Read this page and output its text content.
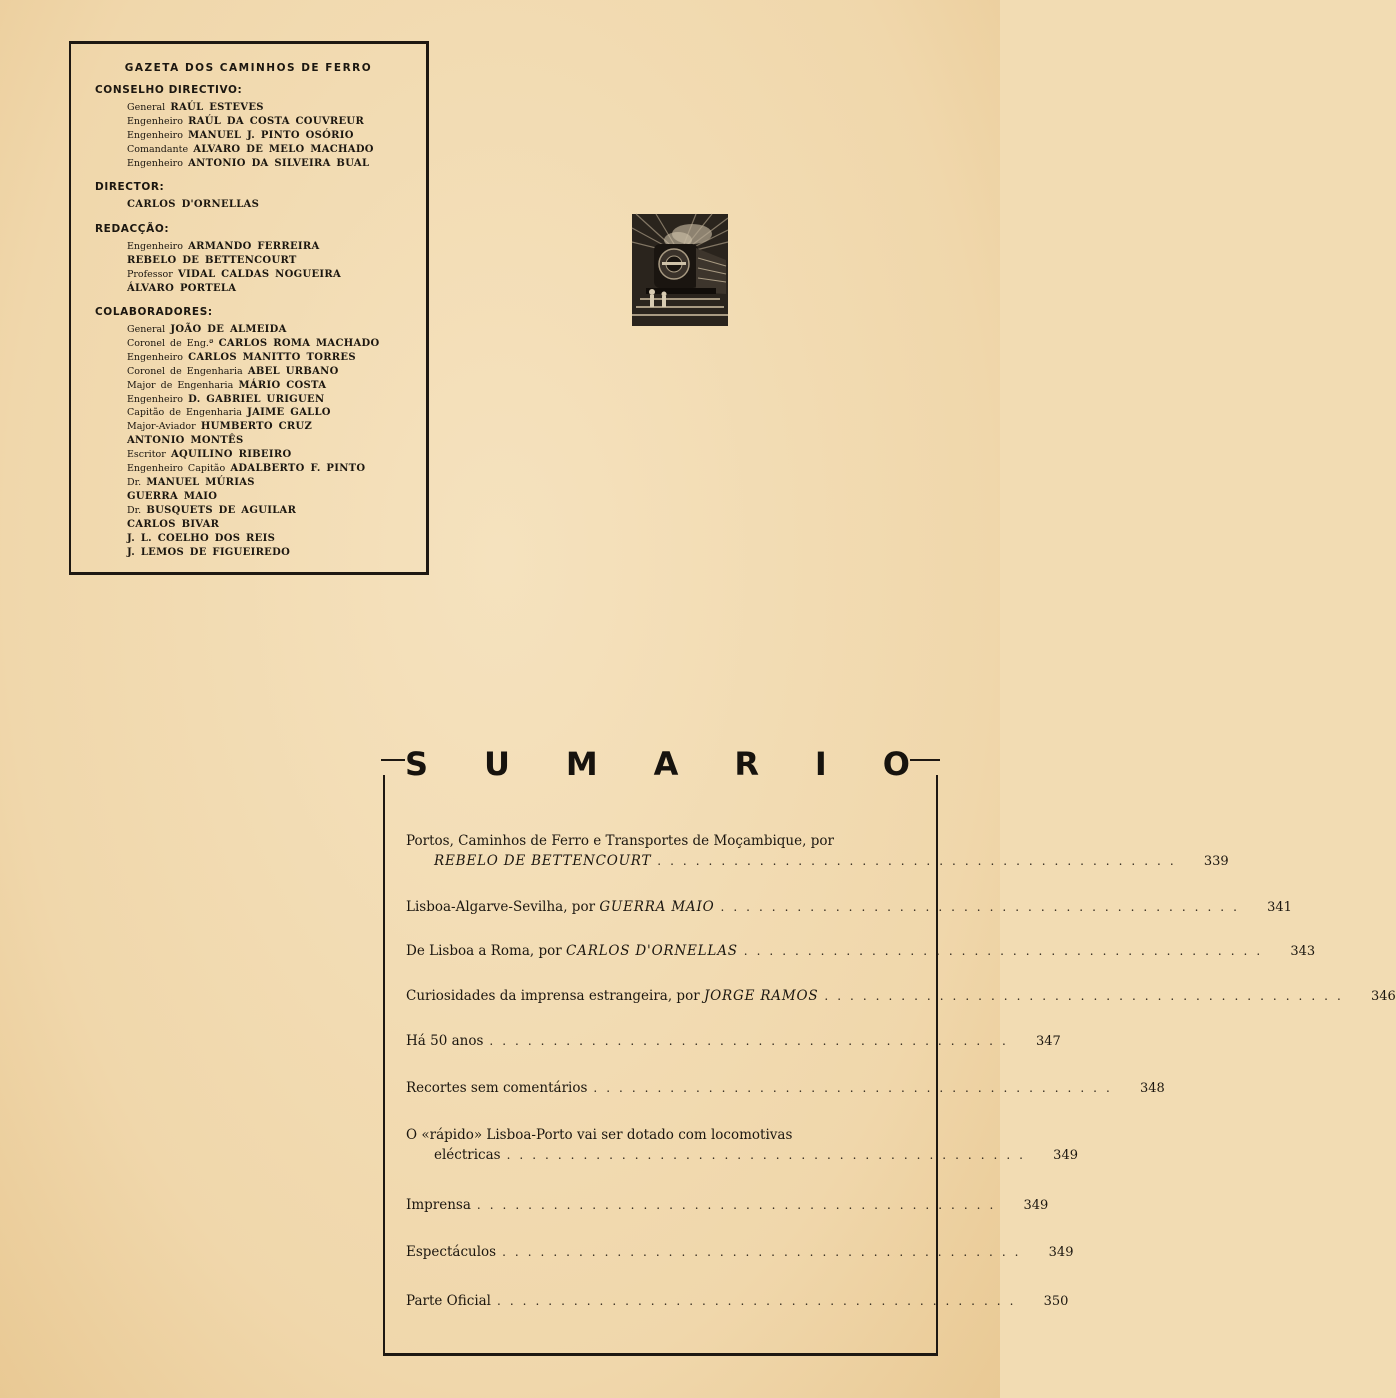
GAZETA DOS CAMINHOS DE FERRO
CONSELHO DIRECTIVO:
General RAÚL ESTEVES
Engenheiro RAÚL DA COSTA COUVREUR
Engenheiro MANUEL J. PINTO OSÓRIO
Comandante ALVARO DE MELO MACHADO
Engenheiro ANTONIO DA SILVEIRA BUAL
DIRECTOR:
CARLOS D'ORNELLAS
REDACÇÃO:
Engenheiro ARMANDO FERREIRA
REBELO DE BETTENCOURT
Professor VIDAL CALDAS NOGUEIRA
ÁLVARO PORTELA
COLABORADORES:
General JOÃO DE ALMEIDA
Coronel de Eng.ª CARLOS ROMA MACHADO
Engenheiro CARLOS MANITTO TORRES
Coronel de Engenharia ABEL URBANO
Major de Engenharia MÁRIO COSTA
Engenheiro D. GABRIEL URIGUEN
Capitão de Engenharia JAIME GALLO
Major-Aviador HUMBERTO CRUZ
ANTONIO MONTÊS
Escritor AQUILINO RIBEIRO
Engenheiro Capitão ADALBERTO F. PINTO
Dr. MANUEL MÚRIAS
GUERRA MAIO
Dr. BUSQUETS DE AGUILAR
CARLOS BIVAR
J. L. COELHO DOS REIS
J. LEMOS DE FIGUEIREDO
S U M A R I O
Portos, Caminhos de Ferro e Transportes de Moçambique, por
REBELO DE BETTENCOURT .........................................	339
Lisboa-Algarve-Sevilha, por GUERRA MAIO .........................................	341
De Lisboa a Roma, por CARLOS D'ORNELLAS .........................................	343
Curiosidades da imprensa estrangeira, por JORGE RAMOS .........................................	346
Há 50 anos .........................................	347
Recortes sem comentários .........................................	348
O «rápido» Lisboa-Porto vai ser dotado com locomotivas
eléctricas .........................................	349
Imprensa .........................................	349
Espectáculos .........................................	349
Parte Oficial .........................................	350
